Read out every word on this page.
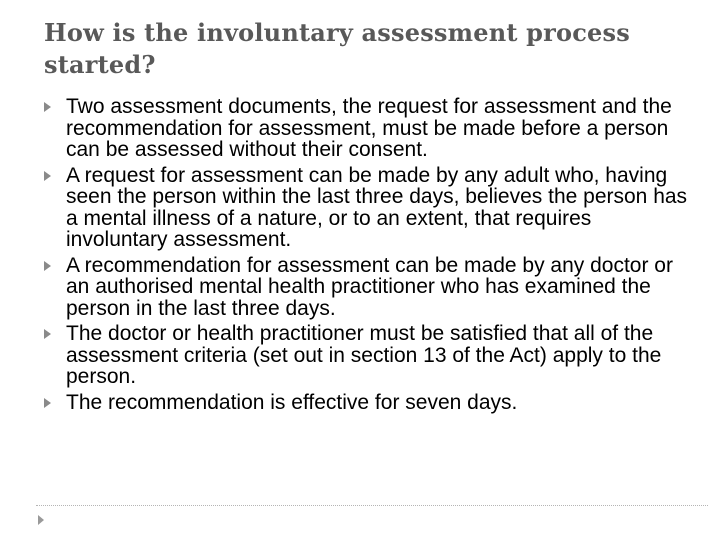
How is the involuntary assessment process started?
Two assessment documents, the request for assessment and the recommendation for assessment, must be made before a person can be assessed without their consent.
A request for assessment can be made by any adult who, having seen the person within the last three days, believes the person has a mental illness of a nature, or to an extent, that requires involuntary assessment.
A recommendation for assessment can be made by any doctor or an authorised mental health practitioner who has examined the person in the last three days.
The doctor or health practitioner must be satisfied that all of the assessment criteria (set out in section 13 of the Act) apply to the person.
The recommendation is effective for seven days.
